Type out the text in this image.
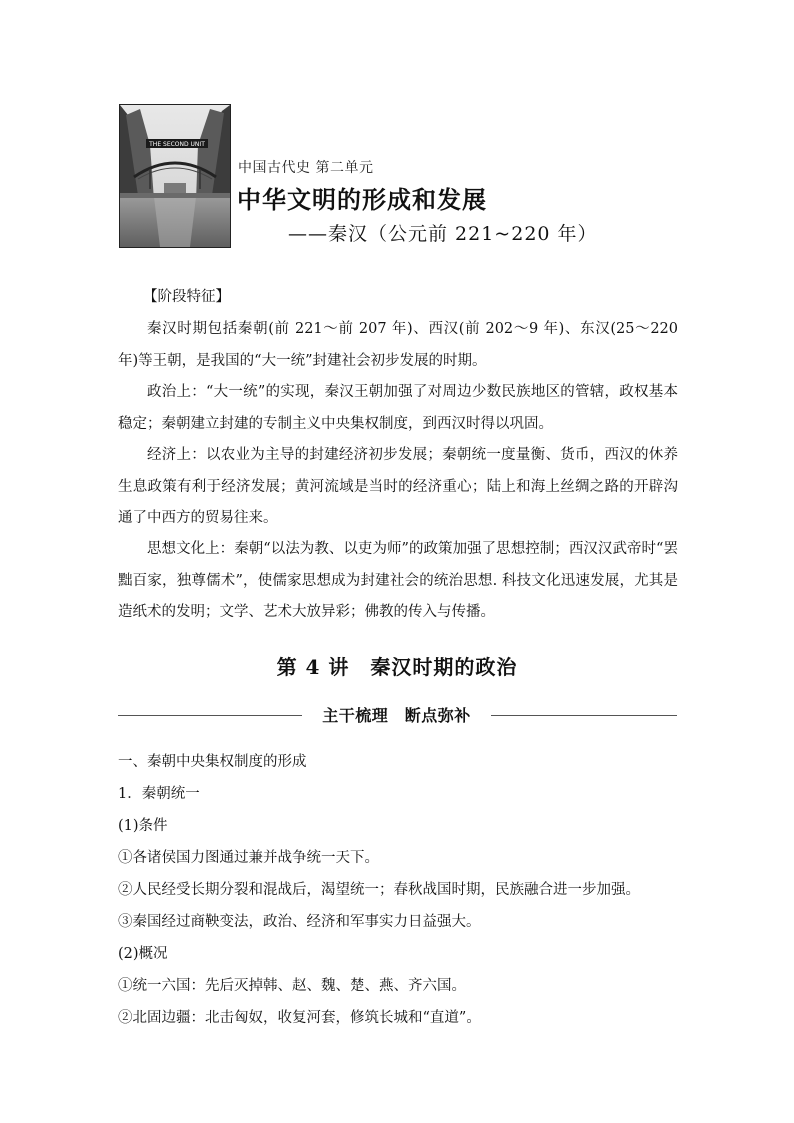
THE SECOND UNIT
中国古代史 第二单元
中华文明的形成和发展
——秦汉（公元前 221~220 年）
【阶段特征】
秦汉时期包括秦朝(前 221～前 207 年)、西汉(前 202～9 年)、东汉(25～220 年)等王朝，是我国的“大一统”封建社会初步发展的时期。
政治上：“大一统”的实现，秦汉王朝加强了对周边少数民族地区的管辖，政权基本稳定；秦朝建立封建的专制主义中央集权制度，到西汉时得以巩固。
经济上：以农业为主导的封建经济初步发展；秦朝统一度量衡、货币，西汉的休养生息政策有利于经济发展；黄河流域是当时的经济重心；陆上和海上丝绸之路的开辟沟通了中西方的贸易往来。
思想文化上：秦朝“以法为教、以吏为师”的政策加强了思想控制；西汉汉武帝时“罢黜百家，独尊儒术”，使儒家思想成为封建社会的统治思想. 科技文化迅速发展，尤其是造纸术的发明；文学、艺术大放异彩；佛教的传入与传播。
第 4 讲　秦汉时期的政治
主干梳理　断点弥补
一、秦朝中央集权制度的形成
1．秦朝统一
(1)条件
①各诸侯国力图通过兼并战争统一天下。
②人民经受长期分裂和混战后，渴望统一；春秋战国时期，民族融合进一步加强。
③秦国经过商鞅变法，政治、经济和军事实力日益强大。
(2)概况
①统一六国：先后灭掉韩、赵、魏、楚、燕、齐六国。
②北固边疆：北击匈奴，收复河套，修筑长城和“直道”。
